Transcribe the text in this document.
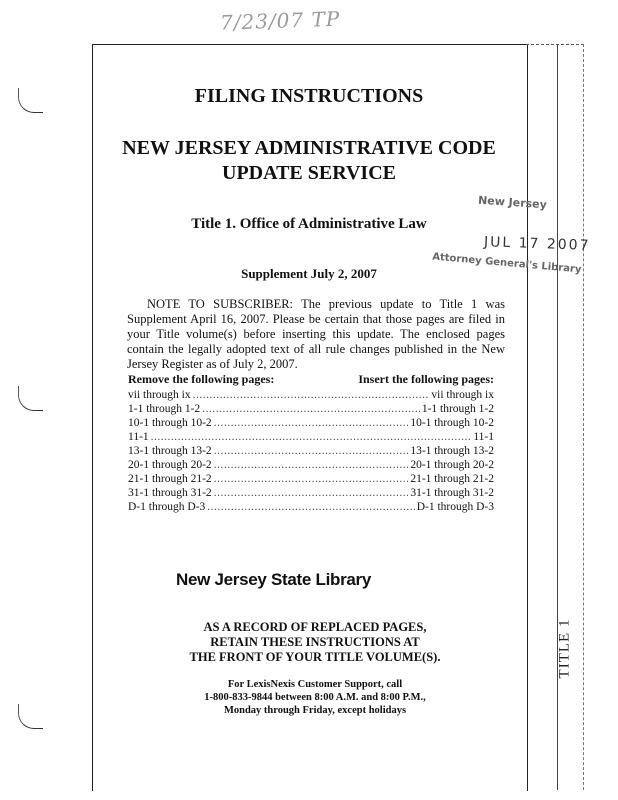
7/23/07 TP
FILING INSTRUCTIONS
NEW JERSEY ADMINISTRATIVE CODE
UPDATE SERVICE
Title 1. Office of Administrative Law
Supplement July 2, 2007
New Jersey
JUL 17 2007
Attorney General's Library
NOTE TO SUBSCRIBER: The previous update to Title 1 was Supplement April 16, 2007. Please be certain that those pages are filed in your Title volume(s) before inserting this update. The enclosed pages contain the legally adopted text of all rule changes published in the New Jersey Register as of July 2, 2007.
Remove the following pages:	Insert the following pages:
vii through ix .....	vii through ix
1-1 through 1-2 .....	1-1 through 1-2
10-1 through 10-2 .....	10-1 through 10-2
11-1 .....	11-1
13-1 through 13-2 .....	13-1 through 13-2
20-1 through 20-2 .....	20-1 through 20-2
21-1 through 21-2 .....	21-1 through 21-2
31-1 through 31-2 .....	31-1 through 31-2
D-1 through D-3 .....	D-1 through D-3
New Jersey State Library
AS A RECORD OF REPLACED PAGES,
RETAIN THESE INSTRUCTIONS AT
THE FRONT OF YOUR TITLE VOLUME(S).
For LexisNexis Customer Support, call
1-800-833-9844 between 8:00 A.M. and 8:00 P.M.,
Monday through Friday, except holidays
TITLE 1
